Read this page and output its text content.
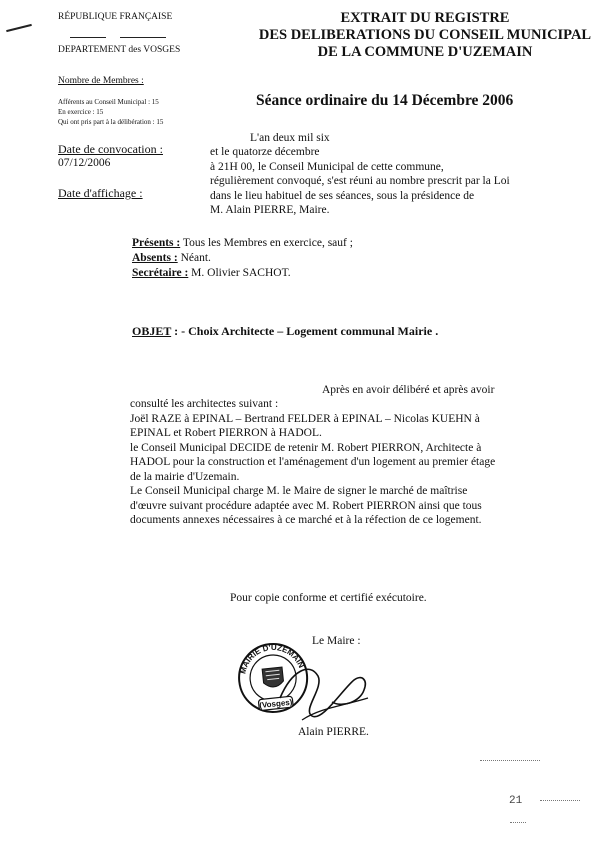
RÉPUBLIQUE FRANÇAISE
DEPARTEMENT des VOSGES
EXTRAIT DU REGISTRE
DES DELIBERATIONS DU CONSEIL MUNICIPAL
DE LA COMMUNE D'UZEMAIN
Nombre de Membres :
Afférents au Conseil Municipal : 15
En exercice : 15
Qui ont pris part à la délibération : 15
Séance ordinaire du 14 Décembre 2006
Date de convocation :
07/12/2006
Date d'affichage :
L'an deux mil six
et le quatorze décembre
à 21H 00, le Conseil Municipal de cette commune,
régulièrement convoqué, s'est réuni au nombre prescrit par la Loi
dans le lieu habituel de ses séances, sous la présidence de
M. Alain PIERRE, Maire.
Présents : Tous les Membres en exercice, sauf ;
Absents : Néant.
Secrétaire : M. Olivier SACHOT.
OBJET : - Choix Architecte – Logement communal Mairie .
Après en avoir délibéré et après avoir
consulté les architectes suivant :
Joël RAZE à EPINAL – Bertrand FELDER à EPINAL – Nicolas KUEHN à
EPINAL et Robert PIERRON à HADOL.
le Conseil Municipal DECIDE de retenir M. Robert PIERRON, Architecte à
HADOL pour la construction et l'aménagement d'un logement au premier étage
de la mairie d'Uzemain.
Le Conseil Municipal charge M. le Maire de signer le marché de maîtrise
d'œuvre suivant procédure adaptée avec M. Robert PIERRON ainsi que tous
documents annexes nécessaires à ce marché et à la réfection de ce logement.
Pour copie conforme et certifié exécutoire.
Le Maire :
MAIRIE D'UZEMAIN
(Vosges)
Alain PIERRE.
21
